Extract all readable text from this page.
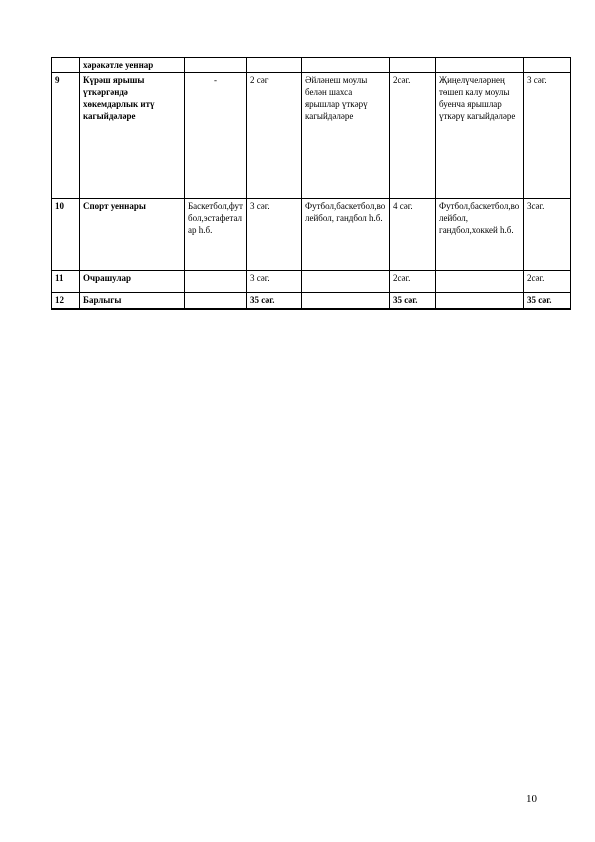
	хәрәкәтле уеннар						
9	Күрәш ярышы үткәргәндә хөкемдарлык итү кагыйдәләре	-	2 сәг	Әйләнеш моулы белән шахса ярышлар үткәрү кагыйдәләре	2сәг.	Җиңелүчеләрнең төшеп калу моулы буенча ярышлар үткәрү кагыйдәләре	3 сәг.
10	Спорт уеннары	Баскетбол,футбол,эстафеталар һ.б.	3 сәг.	Футбол,баскетбол,волейбол, гандбол һ.б.	4 сәг.	Футбол,баскетбол,волейбол, гандбол,хоккей һ.б.	3сәг.
11	Очрашулар		3 сәг.		2сәг.		2сәг.
12	Барлыгы		35 сәг.		35 сәг.		35 сәг.
10
